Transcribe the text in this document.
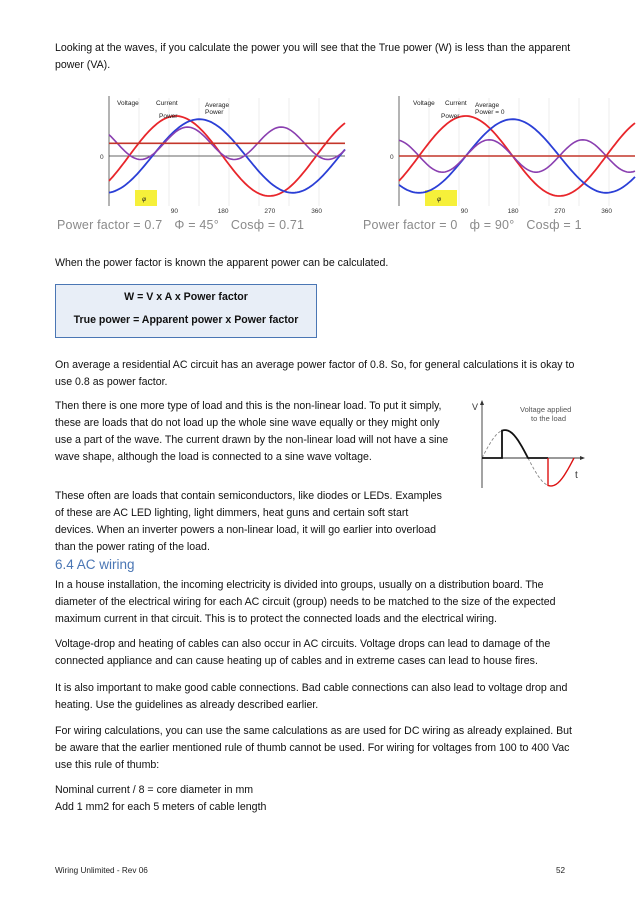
Looking at the waves, if you calculate the power you will see that the True power (W) is less than the apparent power (VA).

0
Voltage	Current	Average
Power
Power
φ
90	180	270	360
Power factor = 0.7 Φ = 45° Cosф = 0.71
0
Voltage Current Average
Power = 0
Power
φ
90	180	270	360
Power factor = 0 ф = 90° Cosф = 1

When the power factor is known the apparent power can be calculated.

W = V x A x Power factor
True power = Apparent power x Power factor

On average a residential AC circuit has an average power factor of 0.8. So, for general calculations it is okay to use 0.8 as power factor.

Then there is one more type of load and this is the non-linear load. To put it simply, these are loads that do not load up the whole sine wave equally or they might only use a part of the wave. The current drawn by the non-linear load will not have a sine wave shape, although the load is connected to a sine wave voltage.

V	Voltage applied
to the load
t

These often are loads that contain semiconductors, like diodes or LEDs. Examples of these are AC LED lighting, light dimmers, heat guns and certain soft start devices. When an inverter powers a non-linear load, it will go earlier into overload than the power rating of the load.

6.4 AC wiring

In a house installation, the incoming electricity is divided into groups, usually on a distribution board. The diameter of the electrical wiring for each AC circuit (group) needs to be matched to the size of the expected maximum current in that circuit. This is to protect the connected loads and the electrical wiring.

Voltage-drop and heating of cables can also occur in AC circuits. Voltage drops can lead to damage of the connected appliance and can cause heating up of cables and in extreme cases can lead to house fires.

It is also important to make good cable connections. Bad cable connections can also lead to voltage drop and heating. Use the guidelines as already described earlier.

For wiring calculations, you can use the same calculations as are used for DC wiring as already explained. But be aware that the earlier mentioned rule of thumb cannot be used. For wiring for voltages from 100 to 400 Vac use this rule of thumb:

Nominal current / 8 = core diameter in mm

Add 1 mm2 for each 5 meters of cable length

Wiring Unlimited - Rev 06	52
